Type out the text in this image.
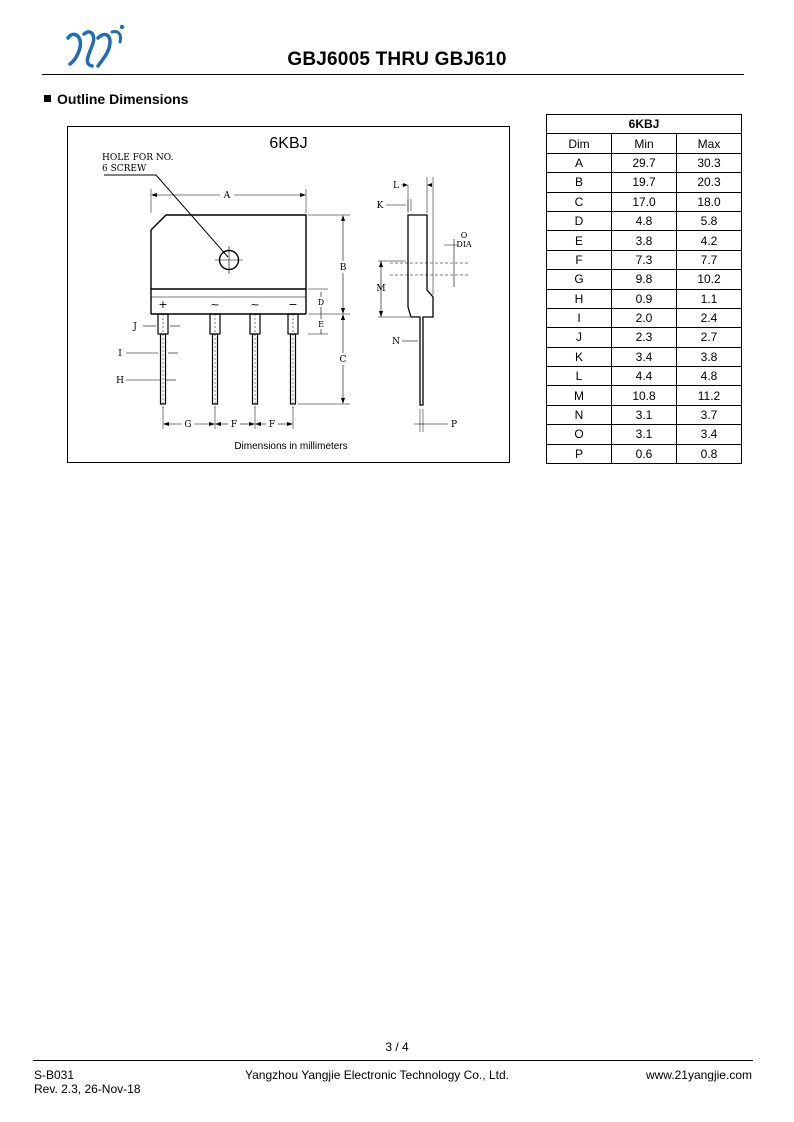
GBJ6005 THRU GBJ610
Outline Dimensions
6KBJ
HOLE FOR NO.
6 SCREW
A
B
C
D
E
G	F	F
J
I
H
L
K
M
N
P
O
DIA
+	~	~	−
Dimensions in millimeters
6KBJ		
Dim	Min	Max
A	29.7	30.3
B	19.7	20.3
C	17.0	18.0
D	4.8	5.8
E	3.8	4.2
F	7.3	7.7
G	9.8	10.2
H	0.9	1.1
I	2.0	2.4
J	2.3	2.7
K	3.4	3.8
L	4.4	4.8
M	10.8	11.2
N	3.1	3.7
O	3.1	3.4
P	0.6	0.8
3 / 4
S-B031
Rev. 2.3, 26-Nov-18
Yangzhou Yangjie Electronic Technology Co., Ltd.	www.21yangjie.com
